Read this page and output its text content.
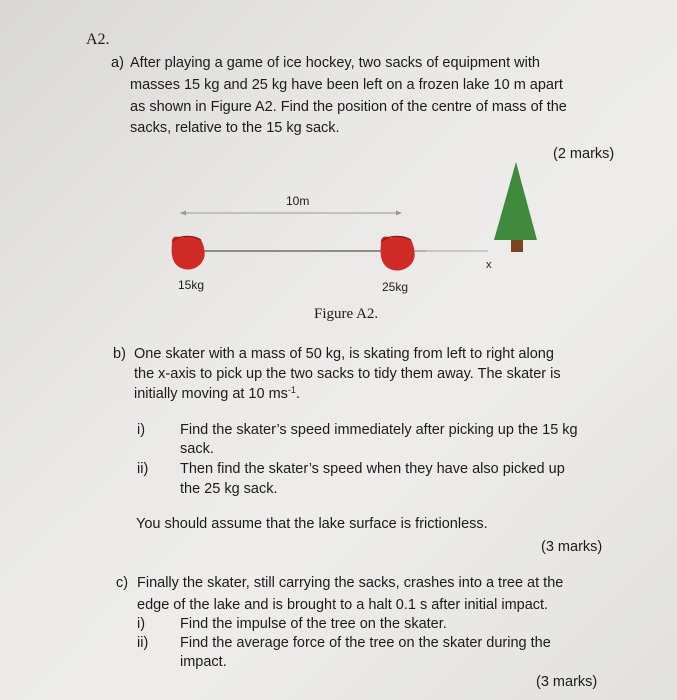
A2.
a) After playing a game of ice hockey, two sacks of equipment with
masses 15 kg and 25 kg have been left on a frozen lake 10 m apart
as shown in Figure A2. Find the position of the centre of mass of the
sacks, relative to the 15 kg sack.
(2 marks)
10m
15kg	25kg
x
Figure A2.
b) One skater with a mass of 50 kg, is skating from left to right along
the x-axis to pick up the two sacks to tidy them away. The skater is
initially moving at 10 $ms^{-1}$.
i) Find the skater’s speed immediately after picking up the 15 kg
sack.
ii) Then find the skater’s speed when they have also picked up
the 25 kg sack.
You should assume that the lake surface is frictionless.
(3 marks)
c) Finally the skater, still carrying the sacks, crashes into a tree at the
edge of the lake and is brought to a halt 0.1 s after initial impact.
i) Find the impulse of the tree on the skater.
ii) Find the average force of the tree on the skater during the
impact.
(3 marks)
